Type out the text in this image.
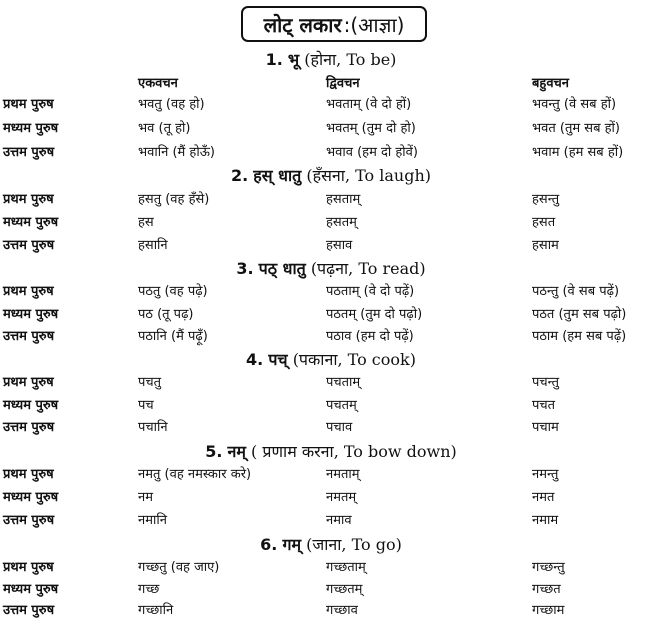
लोट् लकार :(आज्ञा)
1. भू (होना, To be)
एकवचन	द्विवचन	बहुवचन
प्रथम पुरुष	भवतु (वह हो)	भवताम् (वे दो हों)	भवन्तु (वे सब हों)
मध्यम पुरुष	भव (तू हो)	भवतम् (तुम दो हो)	भवत (तुम सब हों)
उत्तम पुरुष	भवानि (मैं होऊँ)	भवाव (हम दो होवें)	भवाम (हम सब हों)
2. हस् धातु (हँसना, To laugh)
प्रथम पुरुष	हसतु (वह हँसे)	हसताम्	हसन्तु
मध्यम पुरुष	हस	हसतम्	हसत
उत्तम पुरुष	हसानि	हसाव	हसाम
3. पठ् धातु (पढ़ना, To read)
प्रथम पुरुष	पठतु (वह पढ़े)	पठताम् (वे दो पढ़ें)	पठन्तु (वे सब पढ़ें)
मध्यम पुरुष	पठ (तू पढ़)	पठतम् (तुम दो पढ़ो)	पठत (तुम सब पढ़ो)
उत्तम पुरुष	पठानि (मैं पढ़ूँ)	पठाव (हम दो पढ़ें)	पठाम (हम सब पढ़ें)
4. पच् (पकाना, To cook)
प्रथम पुरुष	पचतु	पचताम्	पचन्तु
मध्यम पुरुष	पच	पचतम्	पचत
उत्तम पुरुष	पचानि	पचाव	पचाम
5. नम् ( प्रणाम करना, To bow down)
प्रथम पुरुष	नमतु (वह नमस्कार करे)	नमताम्	नमन्तु
मध्यम पुरुष	नम	नमतम्	नमत
उत्तम पुरुष	नमानि	नमाव	नमाम
6. गम् (जाना, To go)
प्रथम पुरुष	गच्छतु (वह जाए)	गच्छताम्	गच्छन्तु
मध्यम पुरुष	गच्छ	गच्छतम्	गच्छत
उत्तम पुरुष	गच्छानि	गच्छाव	गच्छाम
